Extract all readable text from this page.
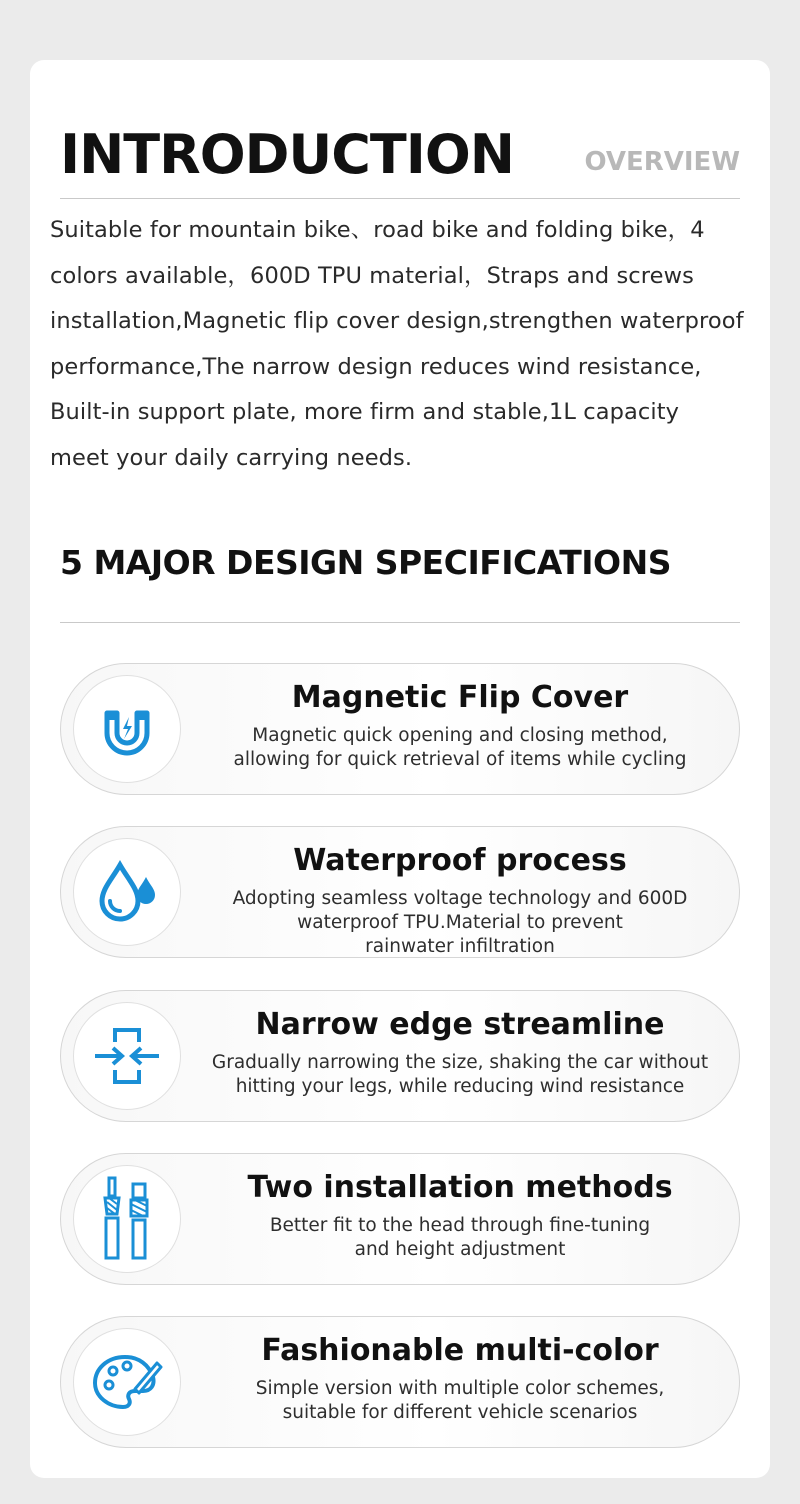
INTRODUCTION	OVERVIEW
Suitable for mountain bike、road bike and folding bike，4
colors available，600D TPU material，Straps and screws
installation,Magnetic flip cover design,strengthen waterproof
performance,The narrow design reduces wind resistance,
Built-in support plate, more firm and stable,1L capacity
meet your daily carrying needs.
5 MAJOR DESIGN SPECIFICATIONS
Magnetic Flip Cover
Magnetic quick opening and closing method,
allowing for quick retrieval of items while cycling
Waterproof process
Adopting seamless voltage technology and 600D
waterproof TPU.Material to prevent
rainwater infiltration
Narrow edge streamline
Gradually narrowing the size, shaking the car without
hitting your legs, while reducing wind resistance
Two installation methods
Better fit to the head through fine-tuning
and height adjustment
Fashionable multi-color
Simple version with multiple color schemes,
suitable for different vehicle scenarios
